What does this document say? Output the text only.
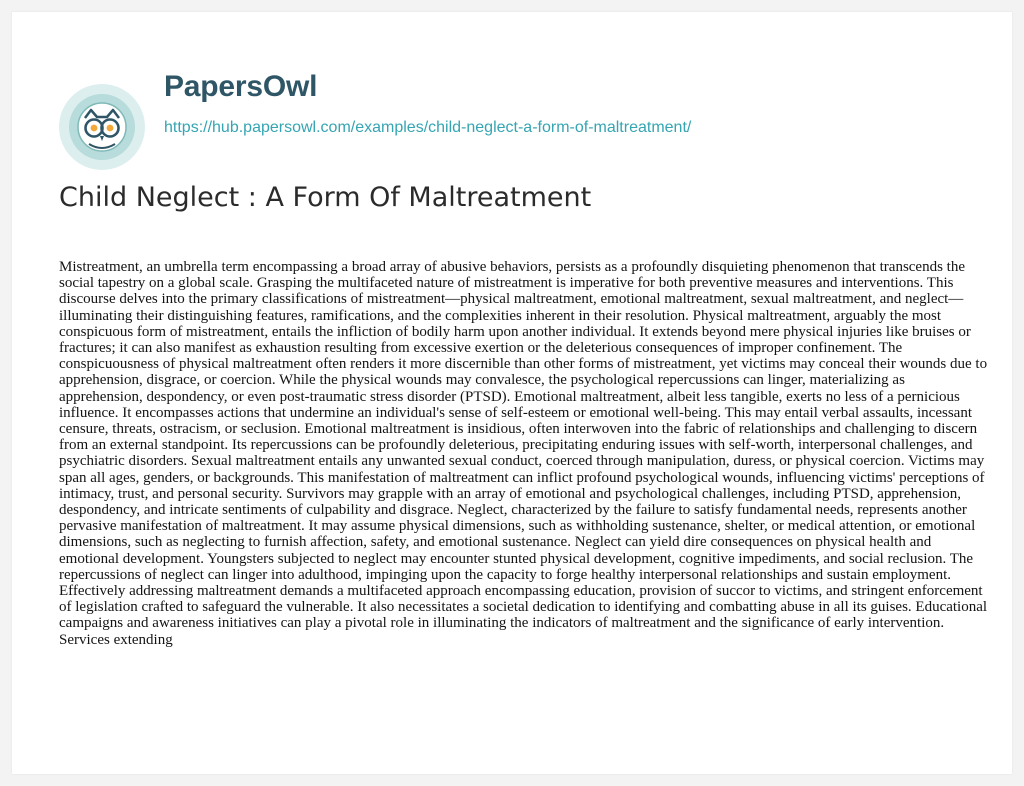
PapersOwl
https://hub.papersowl.com/examples/child-neglect-a-form-of-maltreatment/
Child Neglect : A Form Of Maltreatment

Mistreatment, an umbrella term encompassing a broad array of abusive behaviors, persists as a profoundly disquieting phenomenon that transcends the social tapestry on a global scale. Grasping the multifaceted nature of mistreatment is imperative for both preventive measures and interventions. This discourse delves into the primary classifications of mistreatment—physical maltreatment, emotional maltreatment, sexual maltreatment, and neglect—illuminating their distinguishing features, ramifications, and the complexities inherent in their resolution. Physical maltreatment, arguably the most conspicuous form of mistreatment, entails the infliction of bodily harm upon another individual. It extends beyond mere physical injuries like bruises or fractures; it can also manifest as exhaustion resulting from excessive exertion or the deleterious consequences of improper confinement. The conspicuousness of physical maltreatment often renders it more discernible than other forms of mistreatment, yet victims may conceal their wounds due to apprehension, disgrace, or coercion. While the physical wounds may convalesce, the psychological repercussions can linger, materializing as apprehension, despondency, or even post-traumatic stress disorder (PTSD). Emotional maltreatment, albeit less tangible, exerts no less of a pernicious influence. It encompasses actions that undermine an individual's sense of self-esteem or emotional well-being. This may entail verbal assaults, incessant censure, threats, ostracism, or seclusion. Emotional maltreatment is insidious, often interwoven into the fabric of relationships and challenging to discern from an external standpoint. Its repercussions can be profoundly deleterious, precipitating enduring issues with self-worth, interpersonal challenges, and psychiatric disorders. Sexual maltreatment entails any unwanted sexual conduct, coerced through manipulation, duress, or physical coercion. Victims may span all ages, genders, or backgrounds. This manifestation of maltreatment can inflict profound psychological wounds, influencing victims' perceptions of intimacy, trust, and personal security. Survivors may grapple with an array of emotional and psychological challenges, including PTSD, apprehension, despondency, and intricate sentiments of culpability and disgrace. Neglect, characterized by the failure to satisfy fundamental needs, represents another pervasive manifestation of maltreatment. It may assume physical dimensions, such as withholding sustenance, shelter, or medical attention, or emotional dimensions, such as neglecting to furnish affection, safety, and emotional sustenance. Neglect can yield dire consequences on physical health and emotional development. Youngsters subjected to neglect may encounter stunted physical development, cognitive impediments, and social reclusion. The repercussions of neglect can linger into adulthood, impinging upon the capacity to forge healthy interpersonal relationships and sustain employment. Effectively addressing maltreatment demands a multifaceted approach encompassing education, provision of succor to victims, and stringent enforcement of legislation crafted to safeguard the vulnerable. It also necessitates a societal dedication to identifying and combatting abuse in all its guises. Educational campaigns and awareness initiatives can play a pivotal role in illuminating the indicators of maltreatment and the significance of early intervention. Services extending
